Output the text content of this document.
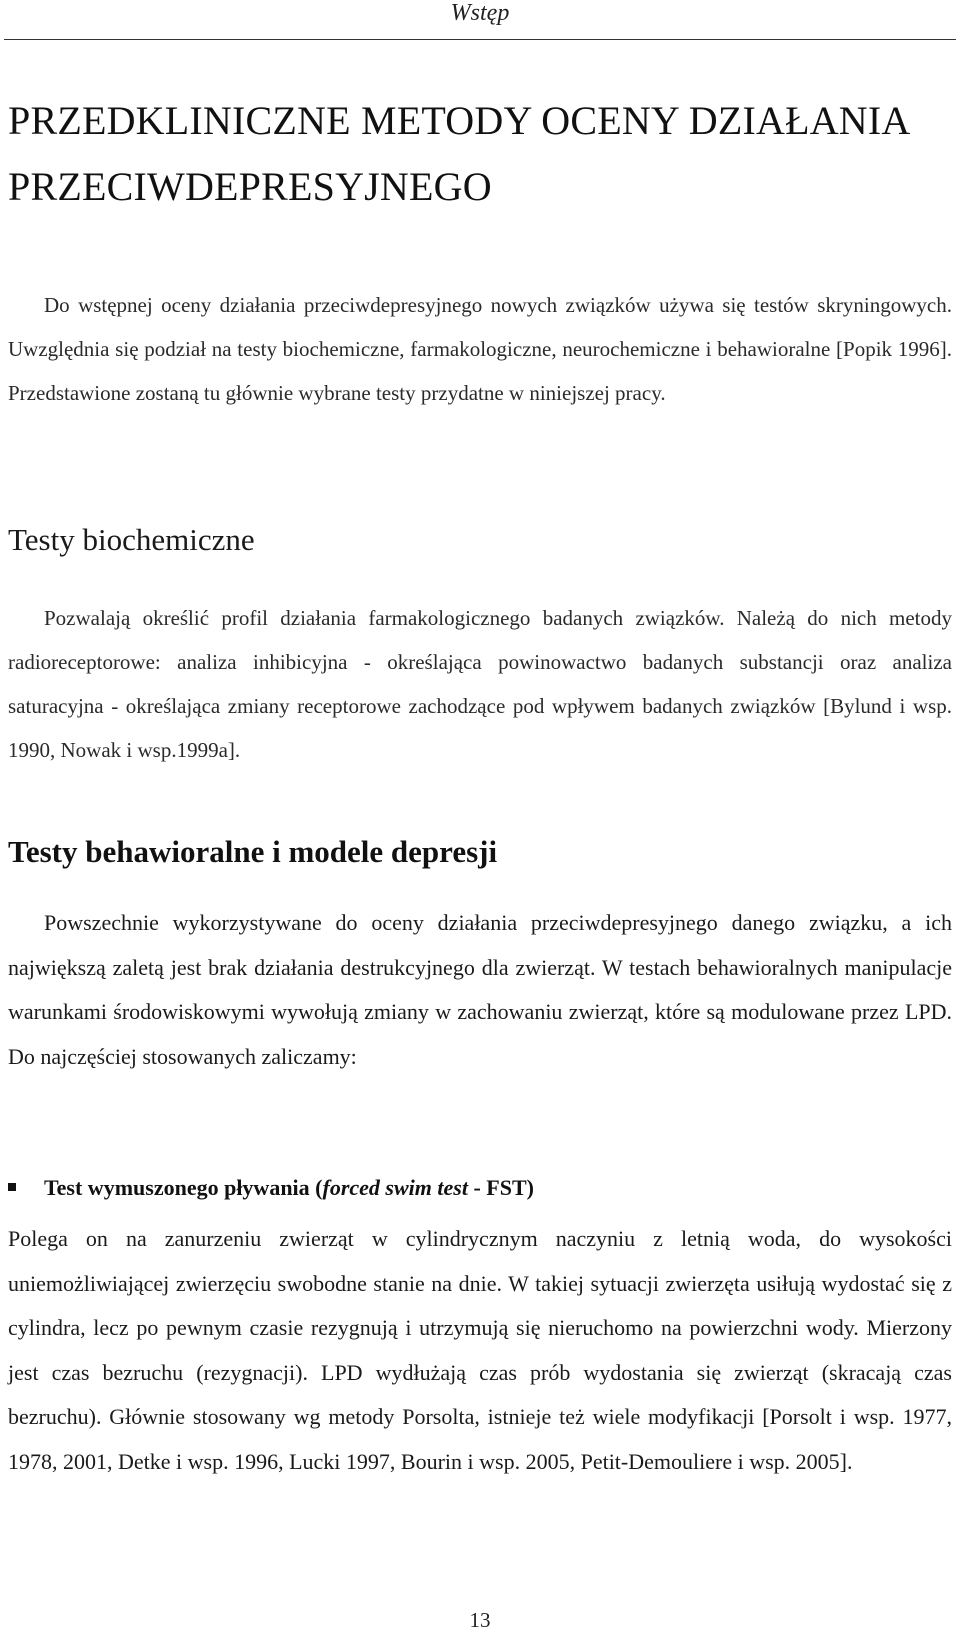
Wstęp
PRZEDKLINICZNE METODY OCENY DZIAŁANIA
PRZECIWDEPRESYJNEGO

Do wstępnej oceny działania przeciwdepresyjnego nowych związków używa się testów skryningowych. Uwzględnia się podział na testy biochemiczne, farmakologiczne, neurochemiczne i behawioralne [Popik 1996]. Przedstawione zostaną tu głównie wybrane testy przydatne w niniejszej pracy.

Testy biochemiczne

Pozwalają określić profil działania farmakologicznego badanych związków. Należą do nich metody radioreceptorowe: analiza inhibicyjna - określająca powinowactwo badanych substancji oraz analiza saturacyjna - określająca zmiany receptorowe zachodzące pod wpływem badanych związków [Bylund i wsp. 1990, Nowak i wsp.1999a].

Testy behawioralne i modele depresji

Powszechnie wykorzystywane do oceny działania przeciwdepresyjnego danego związku, a ich największą zaletą jest brak działania destrukcyjnego dla zwierząt. W testach behawioralnych manipulacje warunkami środowiskowymi wywołują zmiany w zachowaniu zwierząt, które są modulowane przez LPD. Do najczęściej stosowanych zaliczamy:

Test wymuszonego pływania (forced swim test - FST)

Polega on na zanurzeniu zwierząt w cylindrycznym naczyniu z letnią woda, do wysokości uniemożliwiającej zwierzęciu swobodne stanie na dnie. W takiej sytuacji zwierzęta usiłują wydostać się z cylindra, lecz po pewnym czasie rezygnują i utrzymują się nieruchomo na powierzchni wody. Mierzony jest czas bezruchu (rezygnacji). LPD wydłużają czas prób wydostania się zwierząt (skracają czas bezruchu). Głównie stosowany wg metody Porsolta, istnieje też wiele modyfikacji [Porsolt i wsp. 1977, 1978, 2001, Detke i wsp. 1996, Lucki 1997, Bourin i wsp. 2005, Petit-Demouliere i wsp. 2005].

13
